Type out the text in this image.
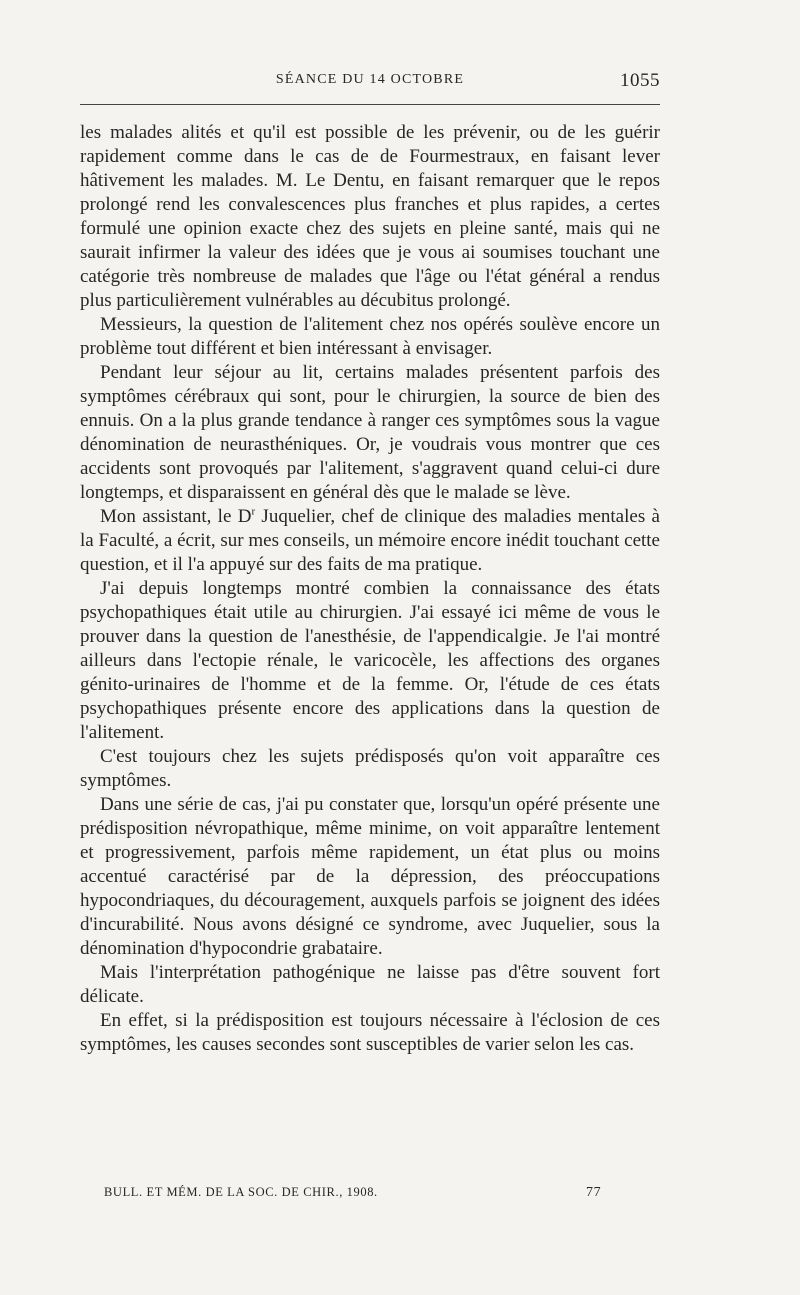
SÉANCE DU 14 OCTOBRE	1055

les malades alités et qu'il est possible de les prévenir, ou de les guérir rapidement comme dans le cas de de Fourmestraux, en faisant lever hâtivement les malades. M. Le Dentu, en faisant remarquer que le repos prolongé rend les convalescences plus franches et plus rapides, a certes formulé une opinion exacte chez des sujets en pleine santé, mais qui ne saurait infirmer la valeur des idées que je vous ai soumises touchant une catégorie très nombreuse de malades que l'âge ou l'état général a rendus plus particulièrement vulnérables au décubitus prolongé.

Messieurs, la question de l'alitement chez nos opérés soulève encore un problème tout différent et bien intéressant à envisager.

Pendant leur séjour au lit, certains malades présentent parfois des symptômes cérébraux qui sont, pour le chirurgien, la source de bien des ennuis. On a la plus grande tendance à ranger ces symptômes sous la vague dénomination de neurasthéniques. Or, je voudrais vous montrer que ces accidents sont provoqués par l'alitement, s'aggravent quand celui-ci dure longtemps, et disparaissent en général dès que le malade se lève.

Mon assistant, le $D^r$ Juquelier, chef de clinique des maladies mentales à la Faculté, a écrit, sur mes conseils, un mémoire encore inédit touchant cette question, et il l'a appuyé sur des faits de ma pratique.

J'ai depuis longtemps montré combien la connaissance des états psychopathiques était utile au chirurgien. J'ai essayé ici même de vous le prouver dans la question de l'anesthésie, de l'appendicalgie. Je l'ai montré ailleurs dans l'ectopie rénale, le varicocèle, les affections des organes génito-urinaires de l'homme et de la femme. Or, l'étude de ces états psychopathiques présente encore des applications dans la question de l'alitement.

C'est toujours chez les sujets prédisposés qu'on voit apparaître ces symptômes.

Dans une série de cas, j'ai pu constater que, lorsqu'un opéré présente une prédisposition névropathique, même minime, on voit apparaître lentement et progressivement, parfois même rapidement, un état plus ou moins accentué caractérisé par de la dépression, des préoccupations hypocondriaques, du découragement, auxquels parfois se joignent des idées d'incurabilité. Nous avons désigné ce syndrome, avec Juquelier, sous la dénomination d'hypocondrie grabataire.

Mais l'interprétation pathogénique ne laisse pas d'être souvent fort délicate.

En effet, si la prédisposition est toujours nécessaire à l'éclosion de ces symptômes, les causes secondes sont susceptibles de varier selon les cas.

BULL. ET MÉM. DE LA SOC. DE CHIR., 1908.	77
